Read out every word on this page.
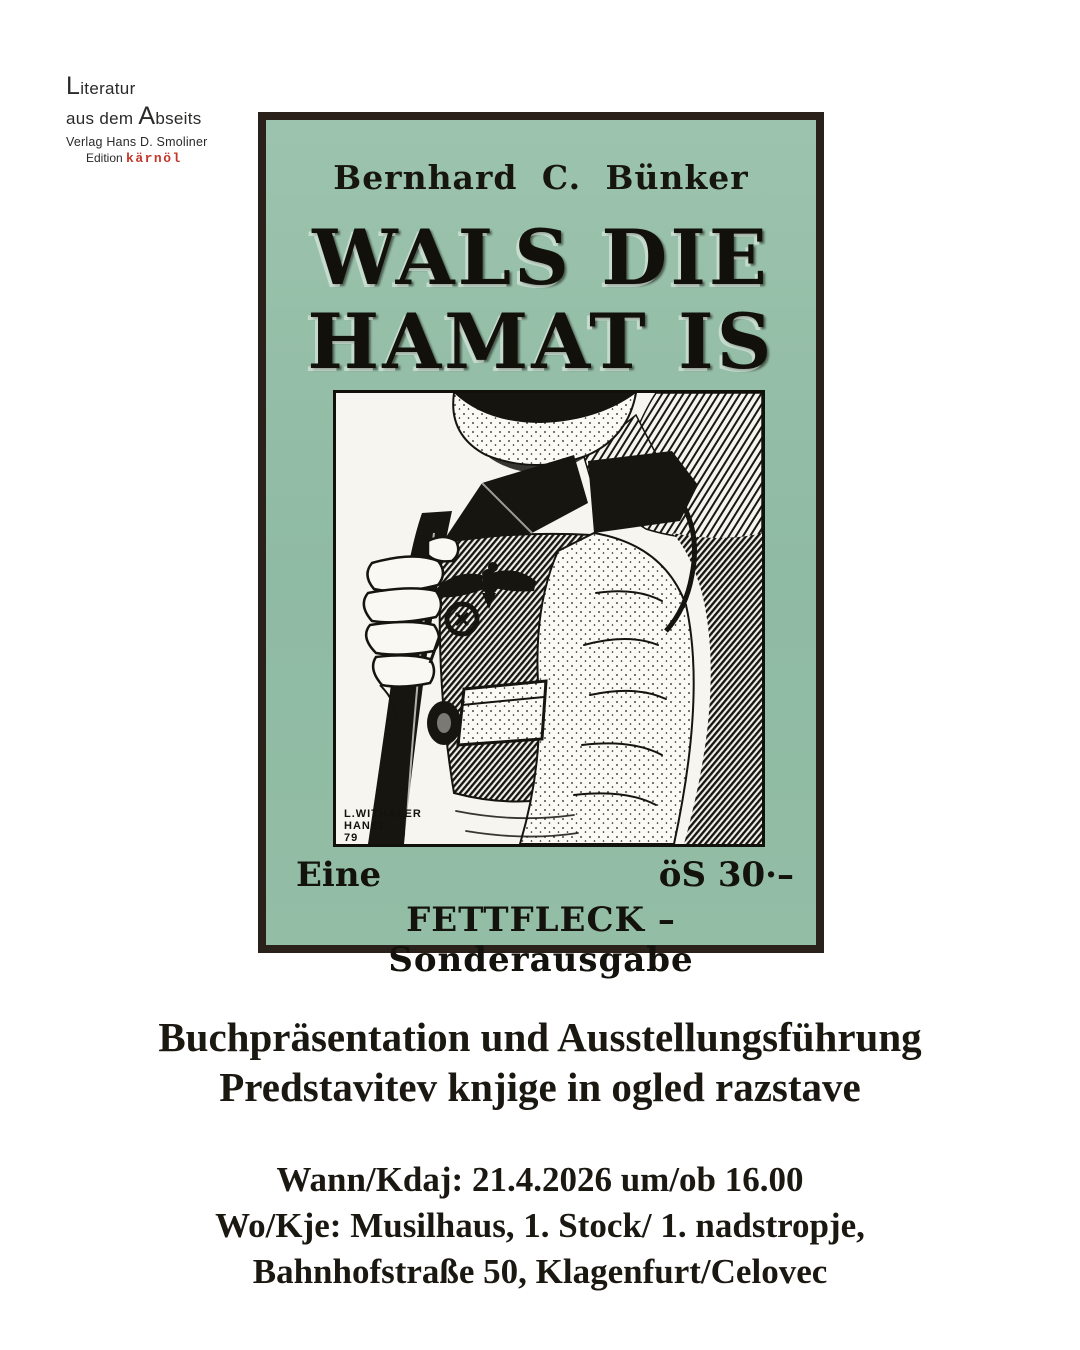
Literatur
aus dem Abseits
Verlag Hans D. Smoliner
Edition kärnöl	Bernhard C. Bünker
WALS DIE
HAMAT IS
L.WITHALER
HANSI
79
Eine	öS 30·–
FETTFLECK – Sonderausgabe
Buchpräsentation und Ausstellungsführung
Predstavitev knjige in ogled razstave
Wann/Kdaj: 21.4.2026 um/ob 16.00
Wo/Kje: Musilhaus, 1. Stock/ 1. nadstropje,
Bahnhofstraße 50, Klagenfurt/Celovec
